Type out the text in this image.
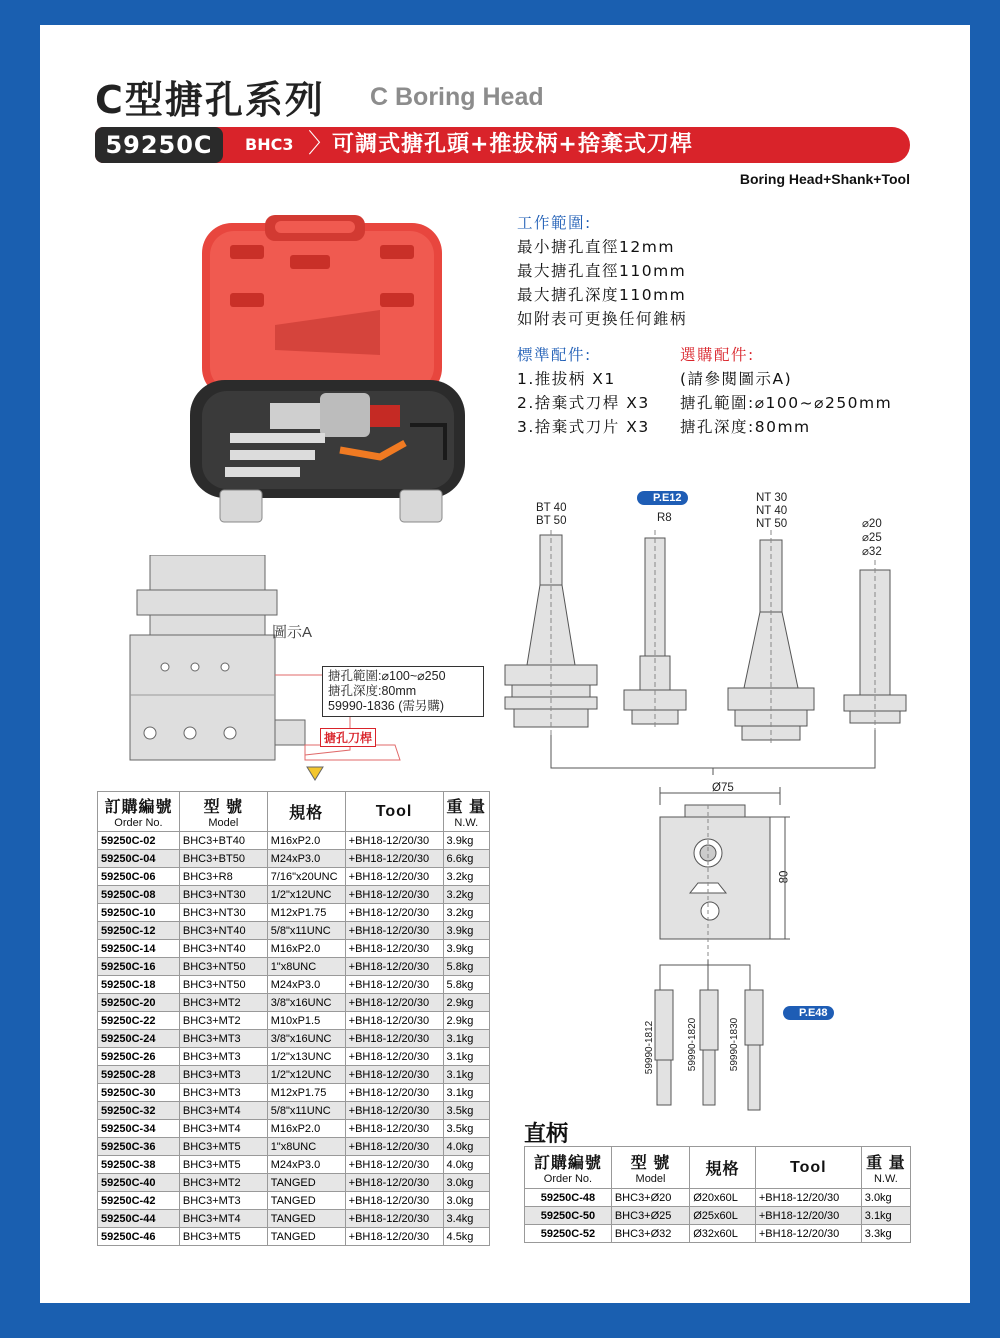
C型搪孔系列 C Boring Head
59250C	BHC3 〉
可調式搪孔頭+推拔柄+捨棄式刀桿
Boring Head+Shank+Tool
工作範圍:
最小搪孔直徑12mm
最大搪孔直徑110mm
最大搪孔深度110mm
如附表可更換任何錐柄
標準配件:
1.推拔柄 X1
2.捨棄式刀桿 X3
3.捨棄式刀片 X3
選購配件:
(請參閱圖示A)
搪孔範圍:⌀100~⌀250mm
搪孔深度:80mm
圖示A
搪孔範圍:⌀100~⌀250
搪孔深度:80mm
59990-1836 (需另購)
搪孔刀桿
BT 40
BT 50
P.E12
R8
NT 30
NT 40
NT 50	⌀20
⌀25
⌀32
Ø75
80
P.E48
59990-1812	59990-1820	59990-1830
訂購編號
Order No.	型 號
Model	規格	Tool	重 量
N.W.

59250C-02	BHC3+BT40	M16xP2.0	+BH18-12/20/30	3.9kg
59250C-04	BHC3+BT50	M24xP3.0	+BH18-12/20/30	6.6kg
59250C-06	BHC3+R8	7/16"x20UNC	+BH18-12/20/30	3.2kg
59250C-08	BHC3+NT30	1/2"x12UNC	+BH18-12/20/30	3.2kg
59250C-10	BHC3+NT30	M12xP1.75	+BH18-12/20/30	3.2kg
59250C-12	BHC3+NT40	5/8"x11UNC	+BH18-12/20/30	3.9kg
59250C-14	BHC3+NT40	M16xP2.0	+BH18-12/20/30	3.9kg
59250C-16	BHC3+NT50	1"x8UNC	+BH18-12/20/30	5.8kg
59250C-18	BHC3+NT50	M24xP3.0	+BH18-12/20/30	5.8kg
59250C-20	BHC3+MT2	3/8"x16UNC	+BH18-12/20/30	2.9kg
59250C-22	BHC3+MT2	M10xP1.5	+BH18-12/20/30	2.9kg
59250C-24	BHC3+MT3	3/8"x16UNC	+BH18-12/20/30	3.1kg
59250C-26	BHC3+MT3	1/2"x13UNC	+BH18-12/20/30	3.1kg
59250C-28	BHC3+MT3	1/2"x12UNC	+BH18-12/20/30	3.1kg
59250C-30	BHC3+MT3	M12xP1.75	+BH18-12/20/30	3.1kg
59250C-32	BHC3+MT4	5/8"x11UNC	+BH18-12/20/30	3.5kg
59250C-34	BHC3+MT4	M16xP2.0	+BH18-12/20/30	3.5kg
59250C-36	BHC3+MT5	1"x8UNC	+BH18-12/20/30	4.0kg
59250C-38	BHC3+MT5	M24xP3.0	+BH18-12/20/30	4.0kg
59250C-40	BHC3+MT2	TANGED	+BH18-12/20/30	3.0kg
59250C-42	BHC3+MT3	TANGED	+BH18-12/20/30	3.0kg
59250C-44	BHC3+MT4	TANGED	+BH18-12/20/30	3.4kg
59250C-46	BHC3+MT5	TANGED	+BH18-12/20/30	4.5kg
直柄
訂購編號
Order No.	型 號
Model	規格	Tool	重 量
N.W.

59250C-48	BHC3+Ø20	Ø20x60L	+BH18-12/20/30	3.0kg
59250C-50	BHC3+Ø25	Ø25x60L	+BH18-12/20/30	3.1kg
59250C-52	BHC3+Ø32	Ø32x60L	+BH18-12/20/30	3.3kg
